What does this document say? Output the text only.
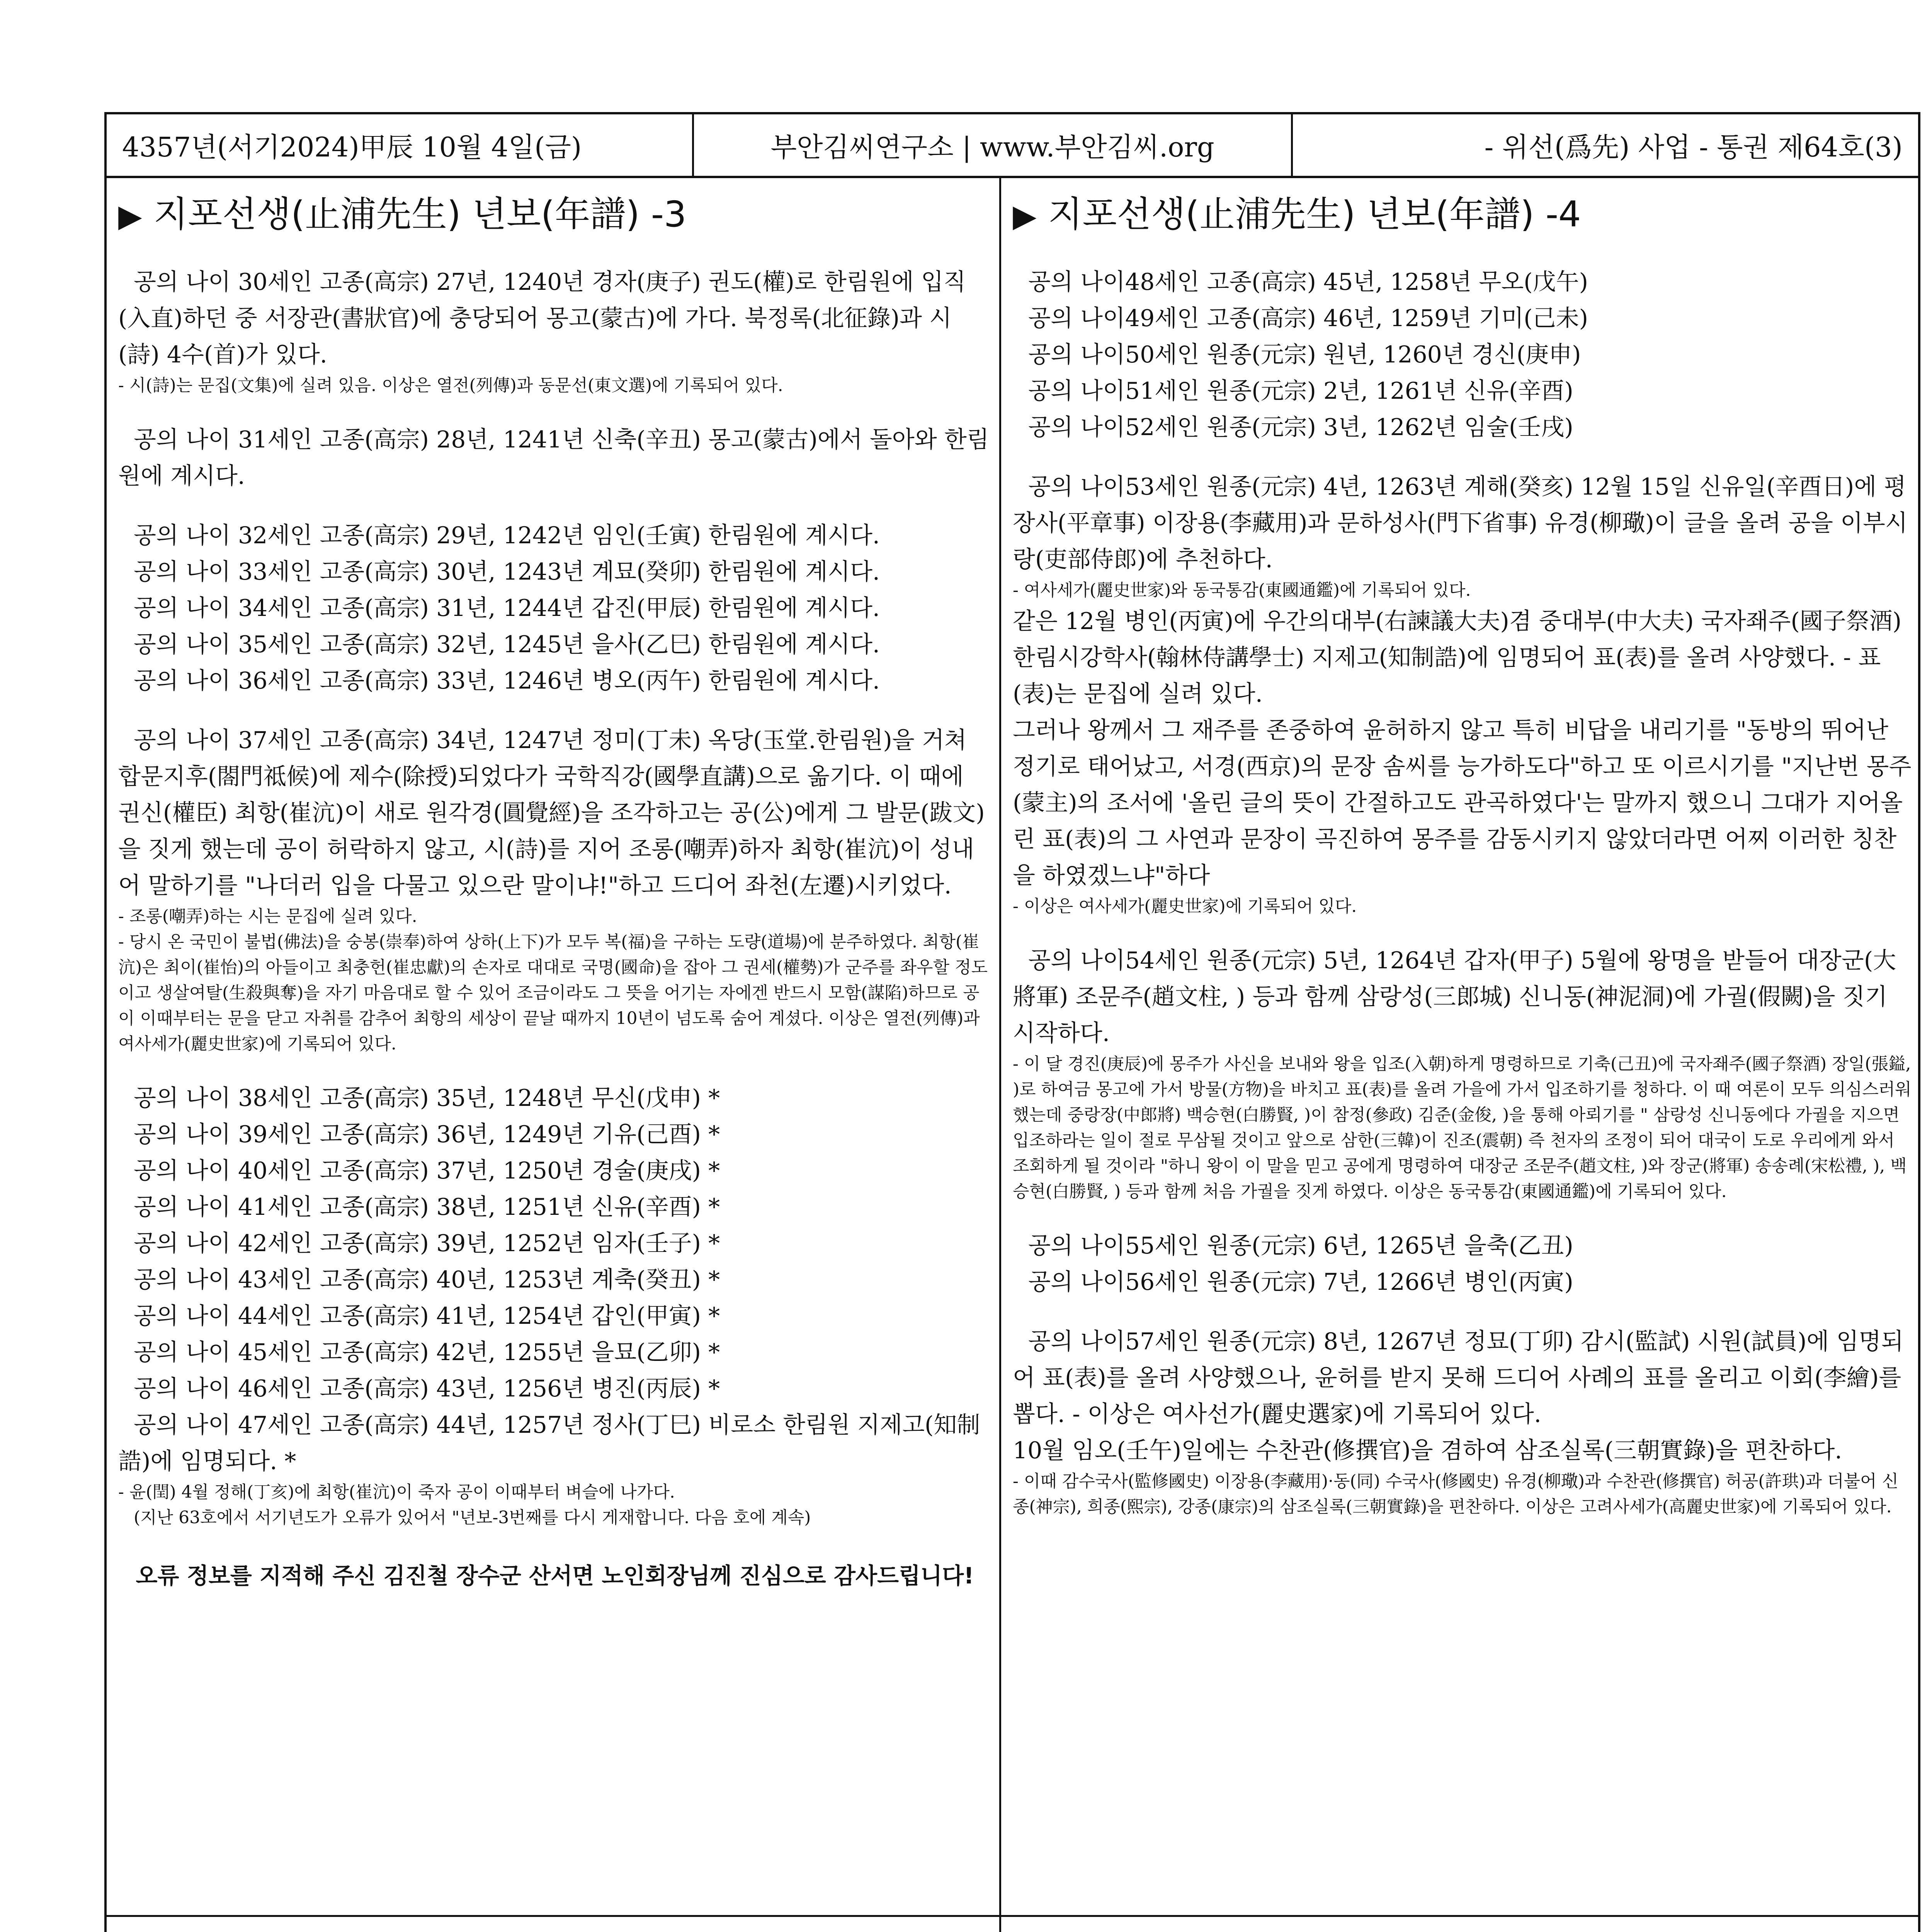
4357년(서기2024)甲辰 10월 4일(금)	부안김씨연구소 | www.부안김씨.org	- 위선(爲先) 사업 - 통권 제64호(3)
▶ 지포선생(止浦先生) 년보(年譜) -3

공의 나이 30세인 고종(高宗) 27년, 1240년 경자(庚子) 권도(權)로 한림원에 입직(入直)하던 중 서장관(書狀官)에 충당되어 몽고(蒙古)에 가다. 북정록(北征錄)과 시(詩) 4수(首)가 있다.

- 시(詩)는 문집(文集)에 실려 있음. 이상은 열전(列傳)과 동문선(東文選)에 기록되어 있다.

공의 나이 31세인 고종(高宗) 28년, 1241년 신축(辛丑) 몽고(蒙古)에서 돌아와 한림원에 계시다.

공의 나이 32세인 고종(高宗) 29년, 1242년 임인(壬寅) 한림원에 계시다.

공의 나이 33세인 고종(高宗) 30년, 1243년 계묘(癸卯) 한림원에 계시다.

공의 나이 34세인 고종(高宗) 31년, 1244년 갑진(甲辰) 한림원에 계시다.

공의 나이 35세인 고종(高宗) 32년, 1245년 을사(乙巳) 한림원에 계시다.

공의 나이 36세인 고종(高宗) 33년, 1246년 병오(丙午) 한림원에 계시다.

공의 나이 37세인 고종(高宗) 34년, 1247년 정미(丁未) 옥당(玉堂.한림원)을 거쳐 합문지후(閤門祗候)에 제수(除授)되었다가 국학직강(國學直講)으로 옮기다. 이 때에 권신(權臣) 최항(崔沆)이 새로 원각경(圓覺經)을 조각하고는 공(公)에게 그 발문(跋文)을 짓게 했는데 공이 허락하지 않고, 시(詩)를 지어 조롱(嘲弄)하자 최항(崔沆)이 성내어 말하기를 "나더러 입을 다물고 있으란 말이냐!"하고 드디어 좌천(左遷)시키었다.

- 조롱(嘲弄)하는 시는 문집에 실려 있다.

- 당시 온 국민이 불법(佛法)을 숭봉(崇奉)하여 상하(上下)가 모두 복(福)을 구하는 도량(道場)에 분주하였다. 최항(崔沆)은 최이(崔怡)의 아들이고 최충헌(崔忠獻)의 손자로 대대로 국명(國命)을 잡아 그 권세(權勢)가 군주를 좌우할 정도이고 생살여탈(生殺與奪)을 자기 마음대로 할 수 있어 조금이라도 그 뜻을 어기는 자에겐 반드시 모함(謀陷)하므로 공이 이때부터는 문을 닫고 자취를 감추어 최항의 세상이 끝날 때까지 10년이 넘도록 숨어 계셨다. 이상은 열전(列傳)과 여사세가(麗史世家)에 기록되어 있다.

공의 나이 38세인 고종(高宗) 35년, 1248년 무신(戊申) *

공의 나이 39세인 고종(高宗) 36년, 1249년 기유(己酉) *

공의 나이 40세인 고종(高宗) 37년, 1250년 경술(庚戌) *

공의 나이 41세인 고종(高宗) 38년, 1251년 신유(辛酉) *

공의 나이 42세인 고종(高宗) 39년, 1252년 임자(壬子) *

공의 나이 43세인 고종(高宗) 40년, 1253년 계축(癸丑) *

공의 나이 44세인 고종(高宗) 41년, 1254년 갑인(甲寅) *

공의 나이 45세인 고종(高宗) 42년, 1255년 을묘(乙卯) *

공의 나이 46세인 고종(高宗) 43년, 1256년 병진(丙辰) *

공의 나이 47세인 고종(高宗) 44년, 1257년 정사(丁巳) 비로소 한림원 지제고(知制誥)에 임명되다. *

- 윤(閏) 4월 정해(丁亥)에 최항(崔沆)이 죽자 공이 이때부터 벼슬에 나가다.

(지난 63호에서 서기년도가 오류가 있어서 "년보-3번째를 다시 게재합니다. 다음 호에 계속)

오류 정보를 지적해 주신 김진철 장수군 산서면 노인회장님께 진심으로 감사드립니다!
▶ 지포선생(止浦先生) 년보(年譜) -4

공의 나이48세인 고종(高宗) 45년, 1258년 무오(戊午)

공의 나이49세인 고종(高宗) 46년, 1259년 기미(己未)

공의 나이50세인 원종(元宗) 원년, 1260년 경신(庚申)

공의 나이51세인 원종(元宗) 2년, 1261년 신유(辛酉)

공의 나이52세인 원종(元宗) 3년, 1262년 임술(壬戌)

공의 나이53세인 원종(元宗) 4년, 1263년 계해(癸亥) 12월 15일 신유일(辛酉日)에 평장사(平章事) 이장용(李藏用)과 문하성사(門下省事) 유경(柳璥)이 글을 올려 공을 이부시랑(吏部侍郎)에 추천하다.

- 여사세가(麗史世家)와 동국통감(東國通鑑)에 기록되어 있다.

같은 12월 병인(丙寅)에 우간의대부(右諫議大夫)겸 중대부(中大夫) 국자좨주(國子祭酒) 한림시강학사(翰林侍講學士) 지제고(知制誥)에 임명되어 표(表)를 올려 사양했다. - 표(表)는 문집에 실려 있다.

그러나 왕께서 그 재주를 존중하여 윤허하지 않고 특히 비답을 내리기를 "동방의 뛰어난 정기로 태어났고, 서경(西京)의 문장 솜씨를 능가하도다"하고 또 이르시기를 "지난번 몽주(蒙主)의 조서에 '올린 글의 뜻이 간절하고도 관곡하였다'는 말까지 했으니 그대가 지어올린 표(表)의 그 사연과 문장이 곡진하여 몽주를 감동시키지 않았더라면 어찌 이러한 칭찬을 하였겠느냐"하다

- 이상은 여사세가(麗史世家)에 기록되어 있다.

공의 나이54세인 원종(元宗) 5년, 1264년 갑자(甲子) 5월에 왕명을 받들어 대장군(大將軍) 조문주(趙文柱, ) 등과 함께 삼랑성(三郎城) 신니동(神泥洞)에 가궐(假闕)을 짓기 시작하다.

- 이 달 경진(庚辰)에 몽주가 사신을 보내와 왕을 입조(入朝)하게 명령하므로 기축(己丑)에 국자좨주(國子祭酒) 장일(張鎰, )로 하여금 몽고에 가서 방물(方物)을 바치고 표(表)를 올려 가을에 가서 입조하기를 청하다. 이 때 여론이 모두 의심스러워 했는데 중랑장(中郎將) 백승현(白勝賢, )이 참정(參政) 김준(金俊, )을 통해 아뢰기를 " 삼랑성 신니동에다 가궐을 지으면 입조하라는 일이 절로 무삼될 것이고 앞으로 삼한(三韓)이 진조(震朝) 즉 천자의 조정이 되어 대국이 도로 우리에게 와서 조회하게 될 것이라 "하니 왕이 이 말을 믿고 공에게 명령하여 대장군 조문주(趙文柱, )와 장군(將軍) 송송례(宋松禮, ), 백승현(白勝賢, ) 등과 함께 처음 가궐을 짓게 하였다. 이상은 동국통감(東國通鑑)에 기록되어 있다.

공의 나이55세인 원종(元宗) 6년, 1265년 을축(乙丑)

공의 나이56세인 원종(元宗) 7년, 1266년 병인(丙寅)

공의 나이57세인 원종(元宗) 8년, 1267년 정묘(丁卯) 감시(監試) 시원(試員)에 임명되어 표(表)를 올려 사양했으나, 윤허를 받지 못해 드디어 사례의 표를 올리고 이회(李繪)를 뽑다. - 이상은 여사선가(麗史選家)에 기록되어 있다.

10월 임오(壬午)일에는 수찬관(修撰官)을 겸하여 삼조실록(三朝實錄)을 편찬하다.

- 이때 감수국사(監修國史) 이장용(李藏用)·동(同) 수국사(修國史) 유경(柳璥)과 수찬관(修撰官) 허공(許珙)과 더불어 신종(神宗), 희종(熙宗), 강종(康宗)의 삼조실록(三朝實錄)을 편찬하다. 이상은 고려사세가(高麗史世家)에 기록되어 있다.
